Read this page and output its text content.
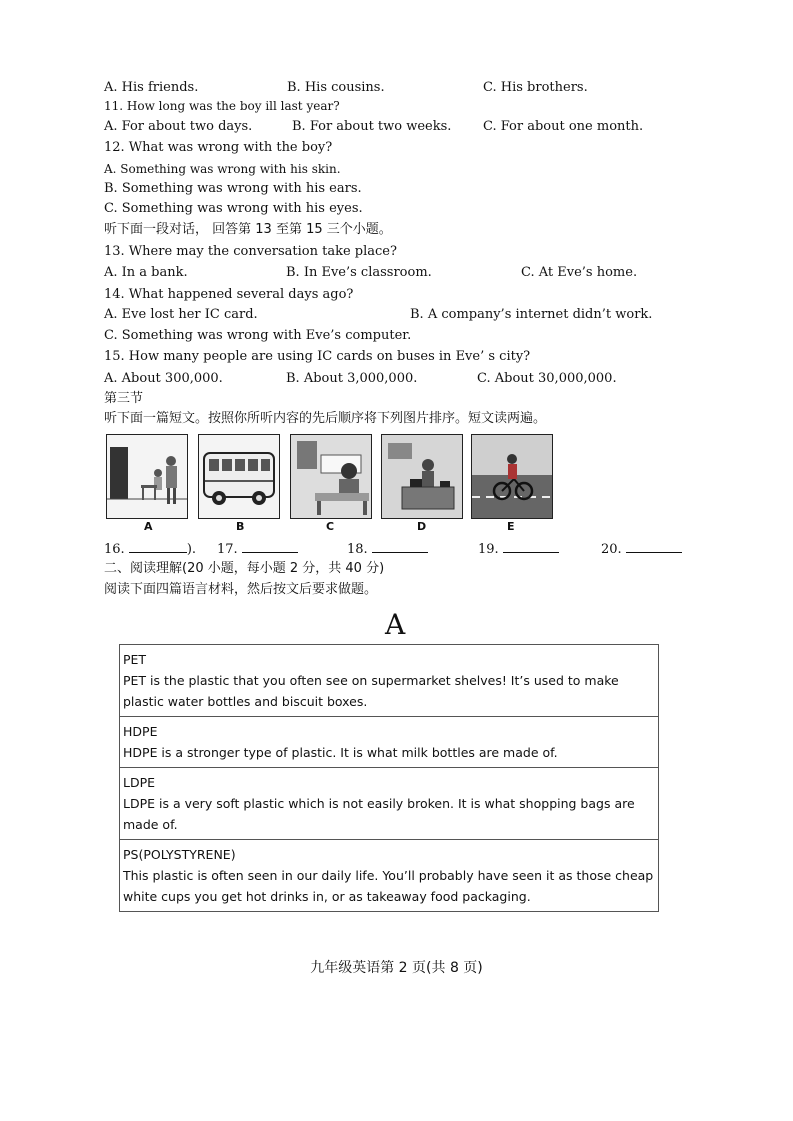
A. His friends.	B. His cousins.	C. His brothers.
11. How long was the boy ill last year?
A. For about two days.	B. For about two weeks. C. For about one month.
12. What was wrong with the boy?
A. Something was wrong with his skin.
B. Something was wrong with his ears.
C. Something was wrong with his eyes.
听下面一段对话， 回答第 13 至第 15 三个小题。
13. Where may the conversation take place?
A. In a bank.	B. In Eve’s classroom.	C. At Eve’s home.
14. What happened several days ago?
A. Eve lost her IC card.	B. A company’s internet didn’t work.
C. Something was wrong with Eve’s computer.
15. How many people are using IC cards on buses in Eve’ s city?
A. About 300,000.	B. About 3,000,000.	C. About 30,000,000.
第三节
听下面一篇短文。按照你所听内容的先后顺序将下列图片排序。短文读两遍。
A	B	C	D	E
16.	). 17.	18.	19.	20.
二、阅读理解(20 小题，每小题 2 分，共 40 分)
阅读下面四篇语言材料，然后按文后要求做题。
A
PET
PET is the plastic that you often see on supermarket shelves! It’s used to make plastic water bottles and biscuit boxes.

HDPE
HDPE is a stronger type of plastic. It is what milk bottles are made of.

LDPE
LDPE is a very soft plastic which is not easily broken. It is what shopping bags are made of.

PS(POLYSTYRENE)
This plastic is often seen in our daily life. You’ll probably have seen it as those cheap white cups you get hot drinks in, or as takeaway food packaging.
九年级英语第 2 页(共 8 页)
